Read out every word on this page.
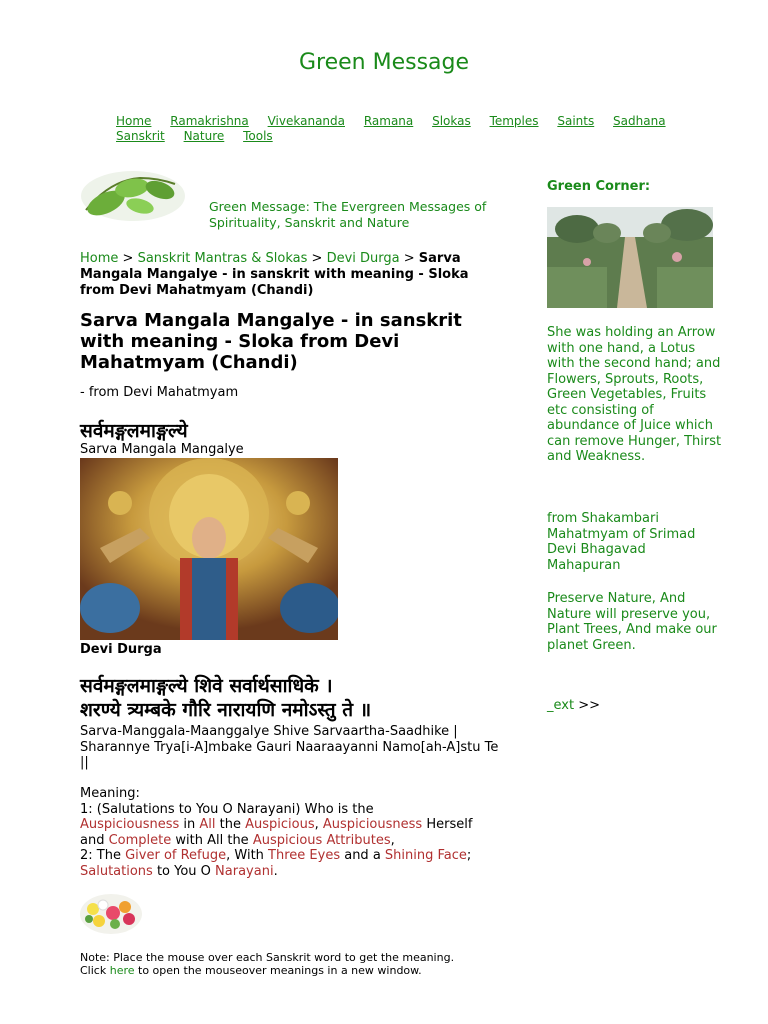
Green Message
Home Ramakrishna Vivekananda Ramana Slokas Temples Saints Sadhana Sanskrit Nature Tools
Green Message: The Evergreen Messages of Spirituality, Sanskrit and Nature
Home > Sanskrit Mantras & Slokas > Devi Durga > Sarva Mangala Mangalye - in sanskrit with meaning - Sloka from Devi Mahatmyam (Chandi)
Sarva Mangala Mangalye - in sanskrit with meaning - Sloka from Devi Mahatmyam (Chandi)
- from Devi Mahatmyam
सर्वमङ्गलमाङ्गल्ये
Sarva Mangala Mangalye
Devi Durga
सर्वमङ्गलमाङ्गल्ये शिवे सर्वार्थसाधिके ।
शरण्ये त्र्यम्बके गौरि नारायणि नमोऽस्तु ते ॥
Sarva-Manggala-Maanggalye Shive Sarvaartha-Saadhike | Sharannye Trya[i-A]mbake Gauri Naaraayanni Namo[ah-A]stu Te ||
Meaning:
1: (Salutations to You O Narayani) Who is the
Auspiciousness in All the Auspicious, Auspiciousness Herself
and Complete with All the Auspicious Attributes,
2: The Giver of Refuge, With Three Eyes and a Shining Face;
Salutations to You O Narayani.
Note: Place the mouse over each Sanskrit word to get the meaning.
Click here to open the mouseover meanings in a new window.
Green Corner:
She was holding an Arrow with one hand, a Lotus with the second hand; and Flowers, Sprouts, Roots, Green Vegetables, Fruits etc consisting of abundance of Juice which can remove Hunger, Thirst and Weakness.
from Shakambari Mahatmyam of Srimad Devi Bhagavad Mahapuran
Preserve Nature, And Nature will preserve you, Plant Trees, And make our planet Green.
_ext >>
